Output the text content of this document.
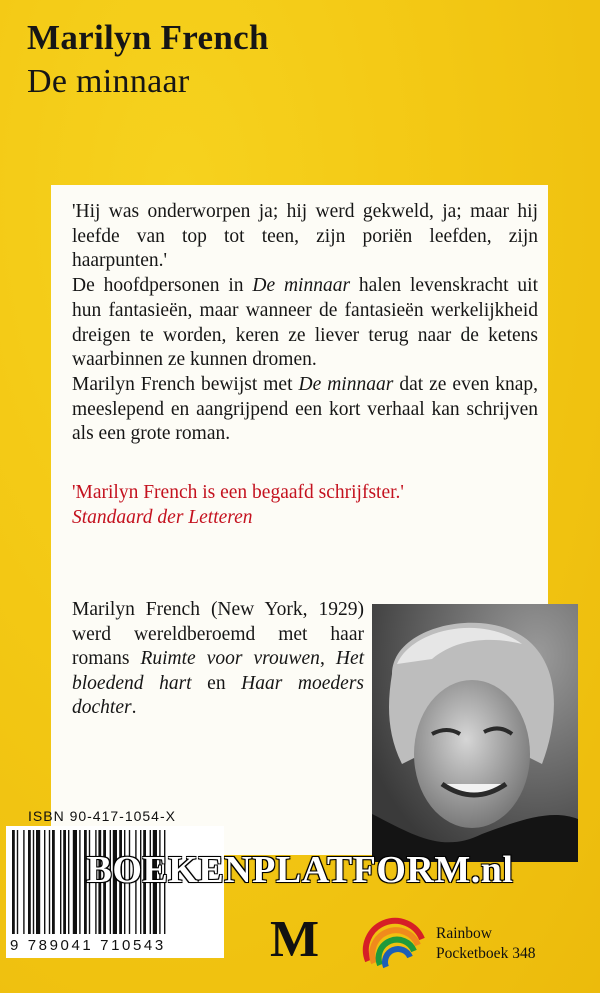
Marilyn French
De minnaar

'Hij was onderworpen ja; hij werd gekweld, ja; maar hij leefde van top tot teen, zijn poriën leefden, zijn haarpunten.'

De hoofdpersonen in De minnaar halen levenskracht uit hun fantasieën, maar wanneer de fantasieën werkelijkheid dreigen te worden, keren ze liever terug naar de ketens waarbinnen ze kunnen dromen.

Marilyn French bewijst met De minnaar dat ze even knap, meeslepend en aangrijpend een kort verhaal kan schrijven als een grote roman.

'Marilyn French is een begaafd schrijfster.'
Standaard der Letteren
Marilyn French (New York, 1929) werd wereldberoemd met haar romans Ruimte voor vrouwen, Het bloedend hart en Haar moeders dochter.
ISBN 90-417-1054-X
9 789041 710543
BOEKENPLATFORM.nl
M	Rainbow
Pocketboek 348
